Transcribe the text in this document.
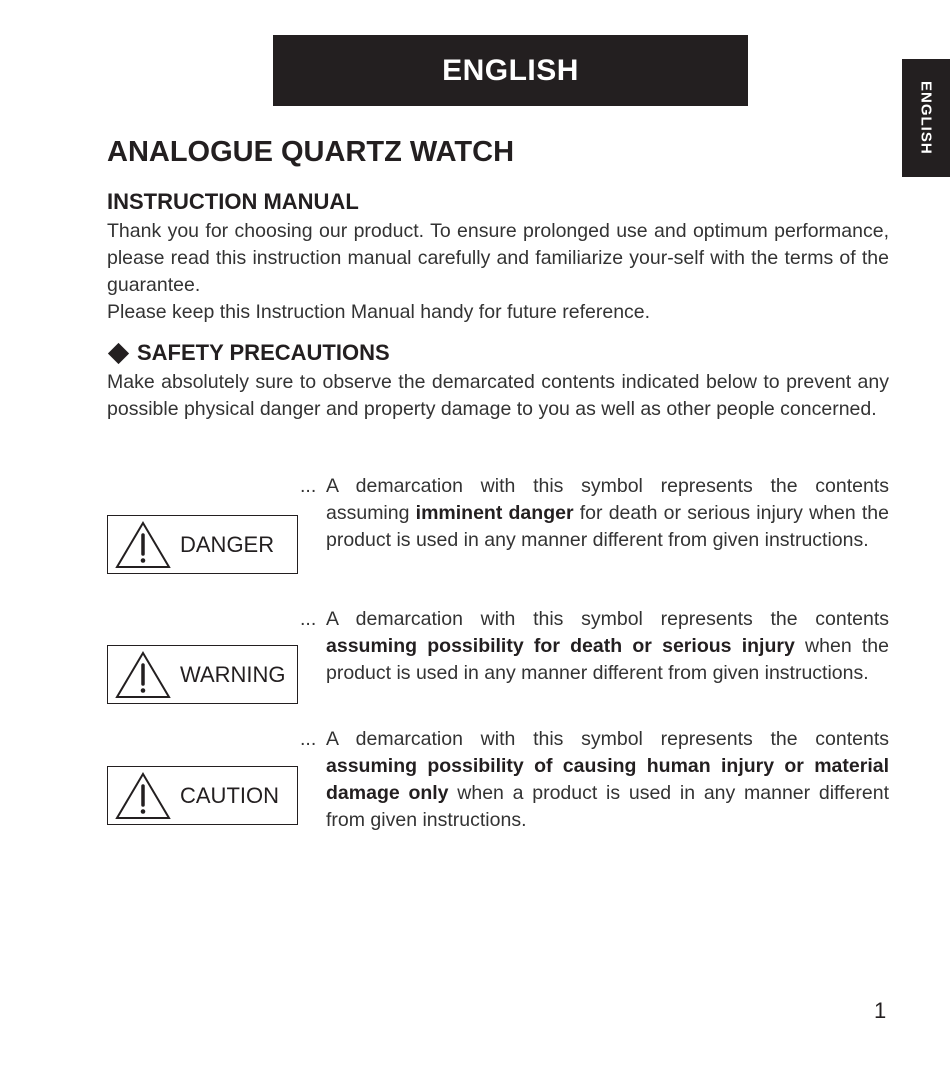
ENGLISH
ENGLISH
ANALOGUE QUARTZ WATCH
INSTRUCTION MANUAL

Thank you for choosing our product. To ensure prolonged use and optimum performance, please read this instruction manual carefully and familiarize your-self with the terms of the guarantee.

Please keep this Instruction Manual handy for future reference.

SAFETY PRECAUTIONS

Make absolutely sure to observe the demarcated contents indicated below to prevent any possible physical danger and property damage to you as well as other people concerned.

DANGER
... A demarcation with this symbol represents the contents assuming imminent danger for death or serious injury when the product is used in any manner different from given instructions.
WARNING
... A demarcation with this symbol represents the contents assuming possibility for death or serious injury when the product is used in any manner different from given instructions.
CAUTION
... A demarcation with this symbol represents the contents assuming possibility of causing human injury or material damage only when a product is used in any manner different from given instructions.
1
